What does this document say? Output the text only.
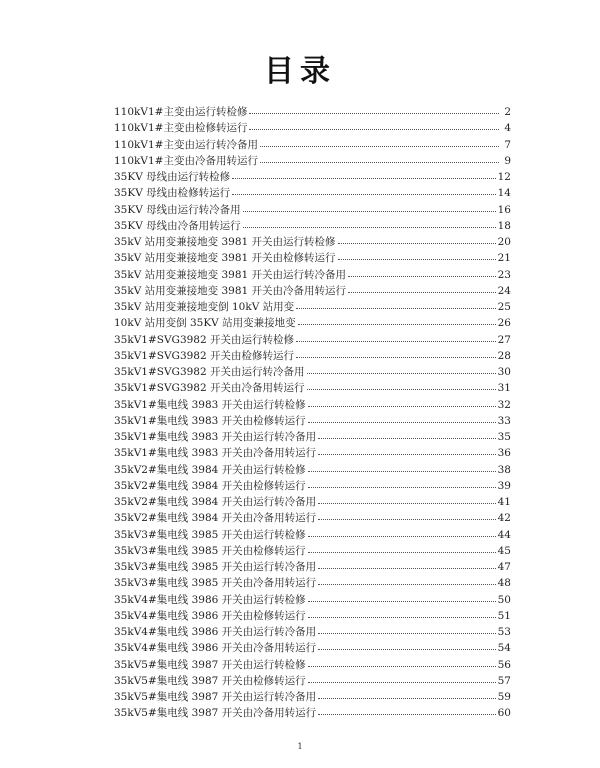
目录
110kV1#主变由运行转检修	2
110kV1#主变由检修转运行	4
110kV1#主变由运行转冷备用	7
110kV1#主变由冷备用转运行	9
35KV 母线由运行转检修	12
35KV 母线由检修转运行	14
35KV 母线由运行转冷备用	16
35KV 母线由冷备用转运行	18
35kV 站用变兼接地变 3981 开关由运行转检修	20
35kV 站用变兼接地变 3981 开关由检修转运行	21
35kV 站用变兼接地变 3981 开关由运行转冷备用	23
35kV 站用变兼接地变 3981 开关由冷备用转运行	24
35kV 站用变兼接地变倒 10kV 站用变	25
10kV 站用变倒 35KV 站用变兼接地变	26
35kV1#SVG3982 开关由运行转检修	27
35kV1#SVG3982 开关由检修转运行	28
35kV1#SVG3982 开关由运行转冷备用	30
35kV1#SVG3982 开关由冷备用转运行	31
35kV1#集电线 3983 开关由运行转检修	32
35kV1#集电线 3983 开关由检修转运行	33
35kV1#集电线 3983 开关由运行转冷备用	35
35kV1#集电线 3983 开关由冷备用转运行	36
35kV2#集电线 3984 开关由运行转检修	38
35kV2#集电线 3984 开关由检修转运行	39
35kV2#集电线 3984 开关由运行转冷备用	41
35kV2#集电线 3984 开关由冷备用转运行	42
35kV3#集电线 3985 开关由运行转检修	44
35kV3#集电线 3985 开关由检修转运行	45
35kV3#集电线 3985 开关由运行转冷备用	47
35kV3#集电线 3985 开关由冷备用转运行	48
35kV4#集电线 3986 开关由运行转检修	50
35kV4#集电线 3986 开关由检修转运行	51
35kV4#集电线 3986 开关由运行转冷备用	53
35kV4#集电线 3986 开关由冷备用转运行	54
35kV5#集电线 3987 开关由运行转检修	56
35kV5#集电线 3987 开关由检修转运行	57
35kV5#集电线 3987 开关由运行转冷备用	59
35kV5#集电线 3987 开关由冷备用转运行	60
1
